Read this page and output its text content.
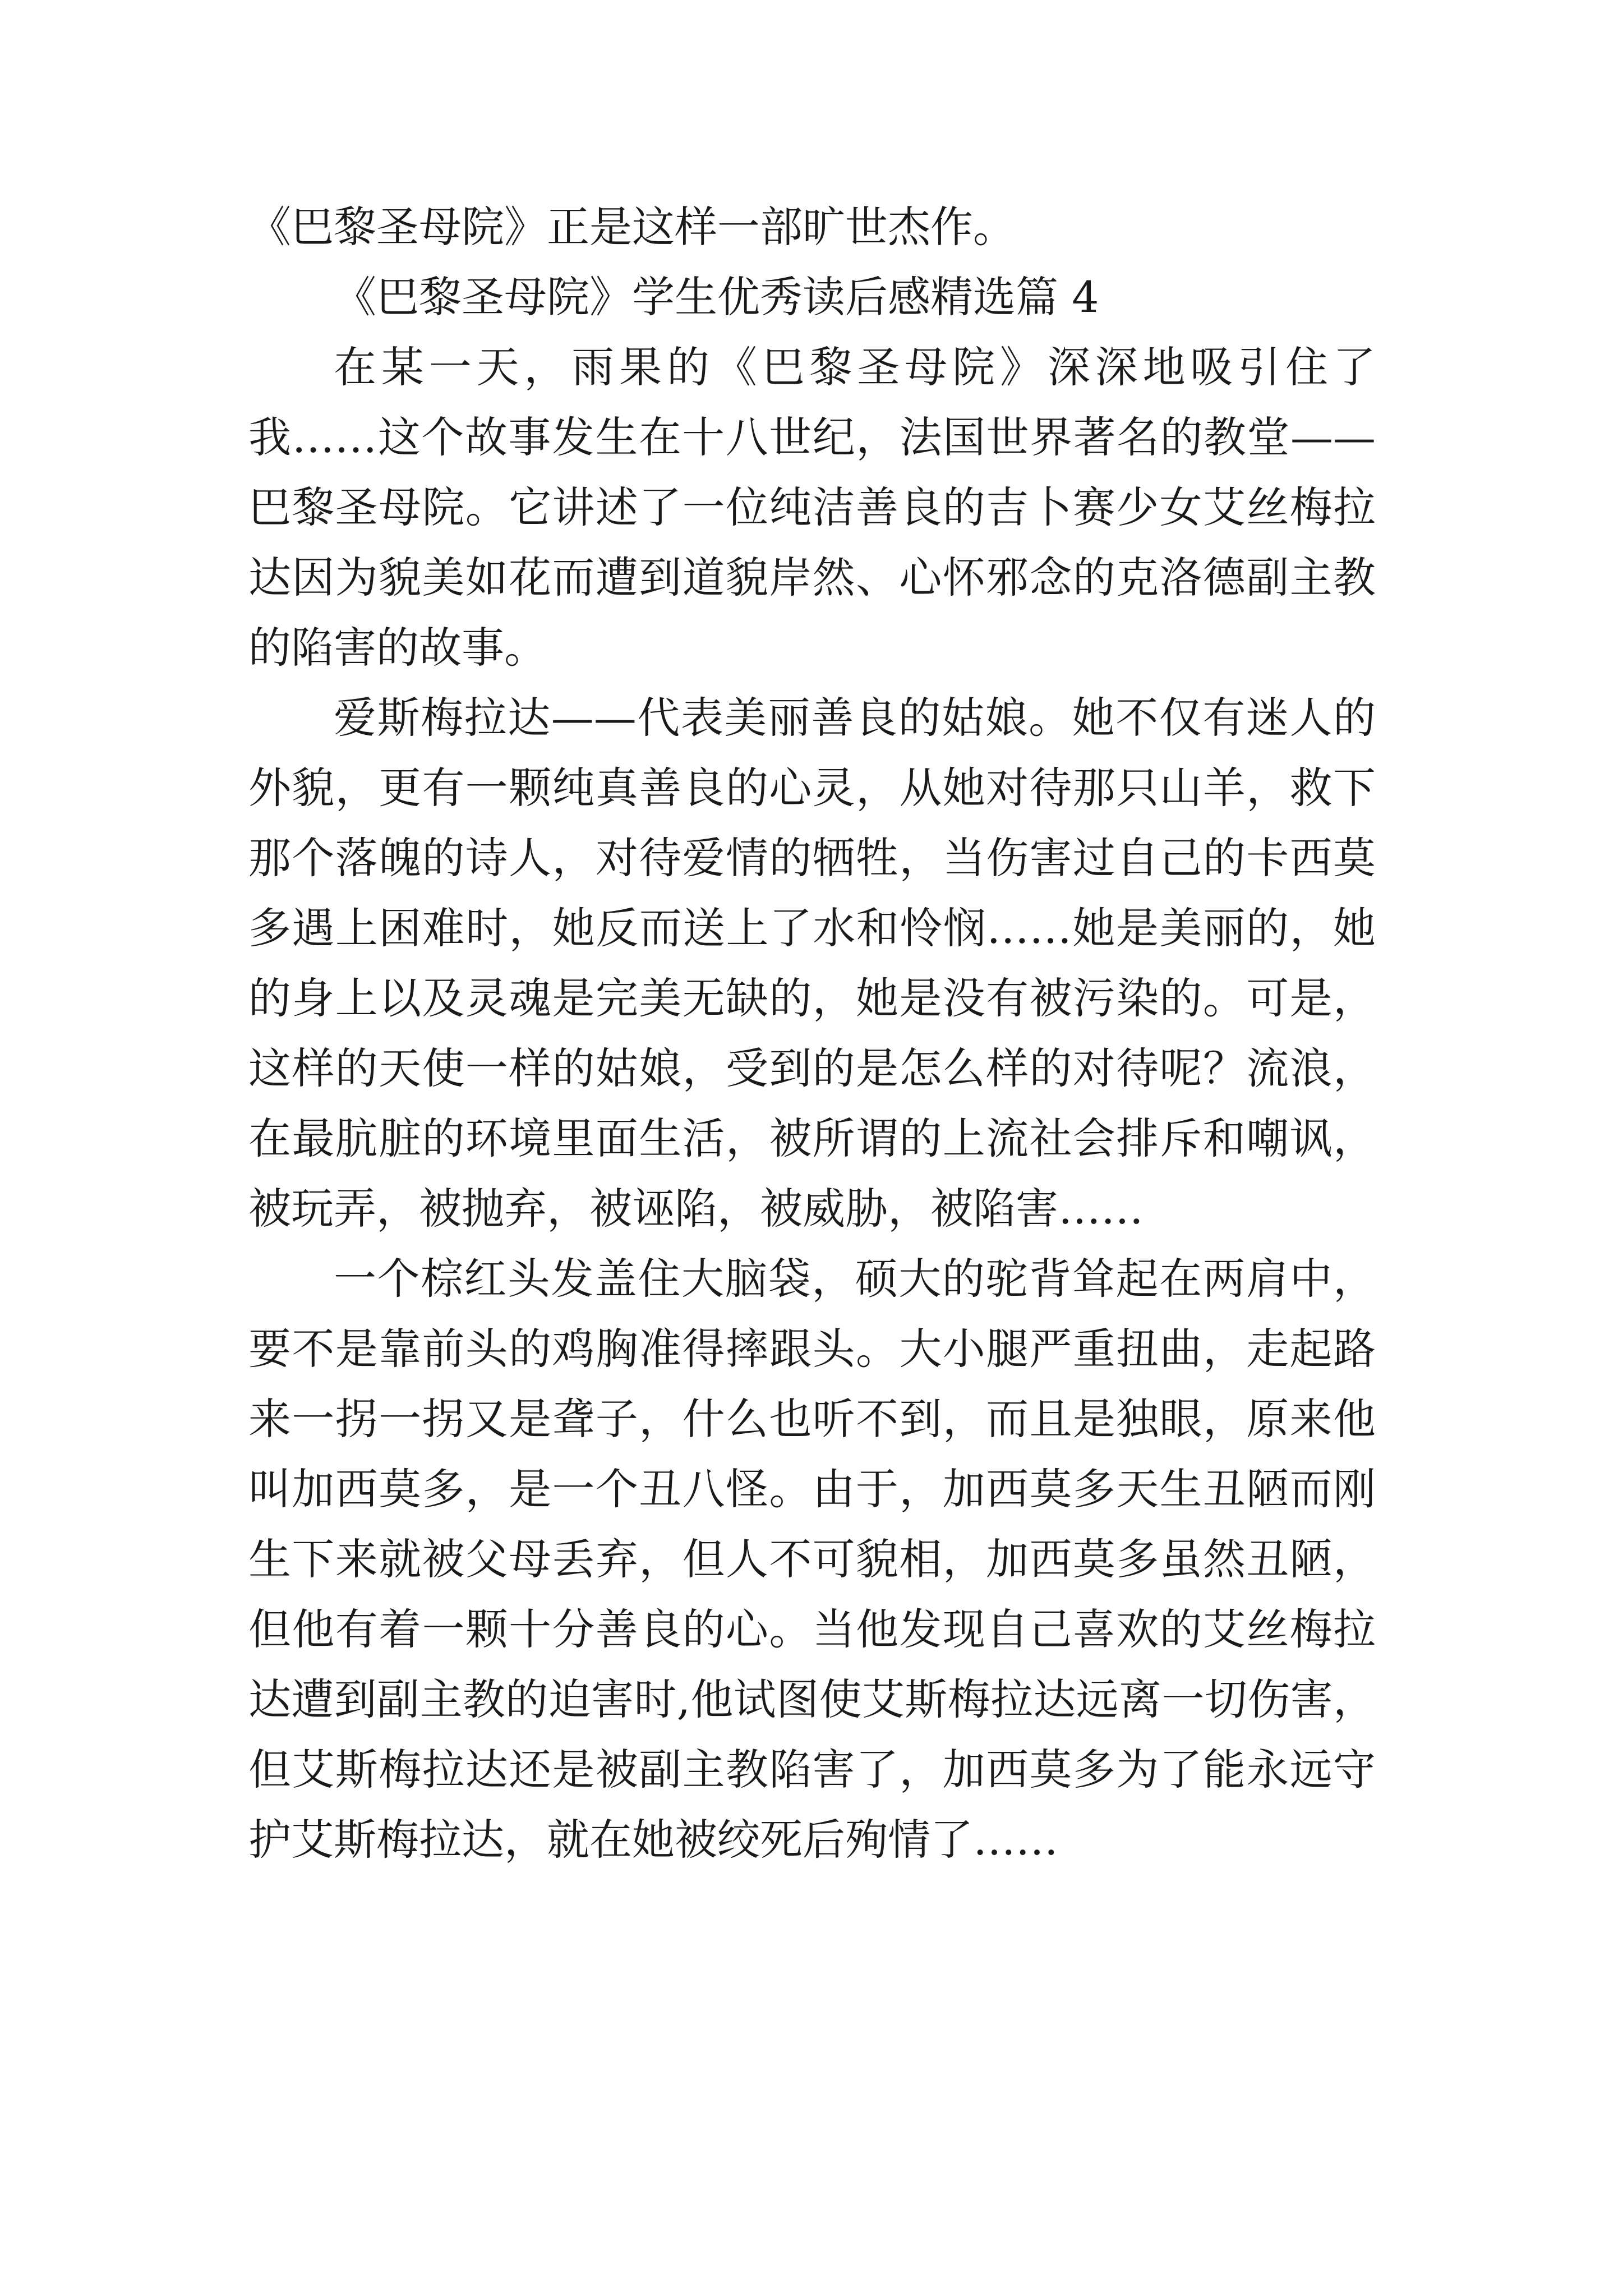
《巴黎圣母院》正是这样一部旷世杰作。

《巴黎圣母院》学生优秀读后感精选篇 4

在某一天，雨果的《巴黎圣母院》深深地吸引住了我……这个故事发生在十八世纪，法国世界著名的教堂——巴黎圣母院。它讲述了一位纯洁善良的吉卜赛少女艾丝梅拉达因为貌美如花而遭到道貌岸然、心怀邪念的克洛德副主教的陷害的故事。

爱斯梅拉达——代表美丽善良的姑娘。她不仅有迷人的外貌，更有一颗纯真善良的心灵，从她对待那只山羊，救下那个落魄的诗人，对待爱情的牺牲，当伤害过自己的卡西莫多遇上困难时，她反而送上了水和怜悯……她是美丽的，她的身上以及灵魂是完美无缺的，她是没有被污染的。可是，这样的天使一样的姑娘，受到的是怎么样的对待呢？流浪，在最肮脏的环境里面生活，被所谓的上流社会排斥和嘲讽，被玩弄，被抛弃，被诬陷，被威胁，被陷害……

一个棕红头发盖住大脑袋，硕大的驼背耸起在两肩中，要不是靠前头的鸡胸准得摔跟头。大小腿严重扭曲，走起路来一拐一拐又是聋子，什么也听不到，而且是独眼，原来他叫加西莫多，是一个丑八怪。由于，加西莫多天生丑陋而刚生下来就被父母丢弃，但人不可貌相，加西莫多虽然丑陋，但他有着一颗十分善良的心。当他发现自己喜欢的艾丝梅拉达遭到副主教的迫害时,他试图使艾斯梅拉达远离一切伤害，但艾斯梅拉达还是被副主教陷害了，加西莫多为了能永远守护艾斯梅拉达，就在她被绞死后殉情了……
